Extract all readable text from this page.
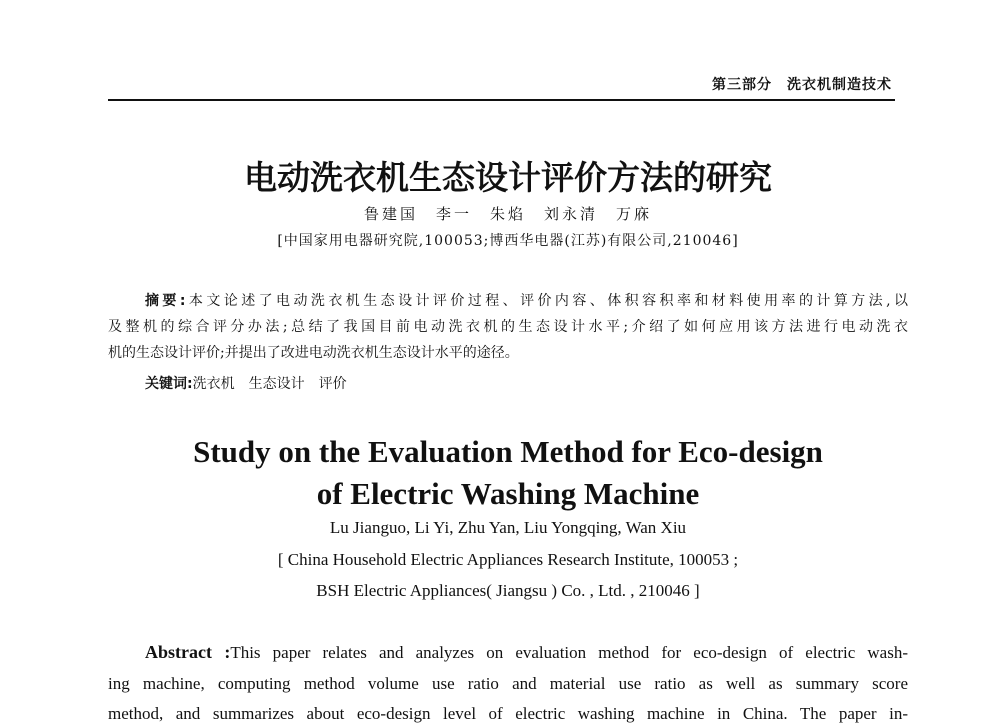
第三部分　洗衣机制造技术
电动洗衣机生态设计评价方法的研究
鲁建国　李一　朱焰　刘永清　万庥
[中国家用电器研究院,100053;博西华电器(江苏)有限公司,210046]
摘要:本文论述了电动洗衣机生态设计评价过程、评价内容、体积容积率和材料使用率的计算方法,以
及整机的综合评分办法;总结了我国目前电动洗衣机的生态设计水平;介绍了如何应用该方法进行电动洗衣
机的生态设计评价;并提出了改进电动洗衣机生态设计水平的途径。
关键词:洗衣机　生态设计　评价
Study on the Evaluation Method for Eco-design
of Electric Washing Machine
Lu Jianguo, Li Yi, Zhu Yan, Liu Yongqing, Wan Xiu
[ China Household Electric Appliances Research Institute, 100053 ;
BSH Electric Appliances( Jiangsu ) Co. , Ltd. , 210046 ]
Abstract :This paper relates and analyzes on evaluation method for eco-design of electric wash-
ing machine, computing method volume use ratio and material use ratio as well as summary score
method, and summarizes about eco-design level of electric washing machine in China. The paper in-
